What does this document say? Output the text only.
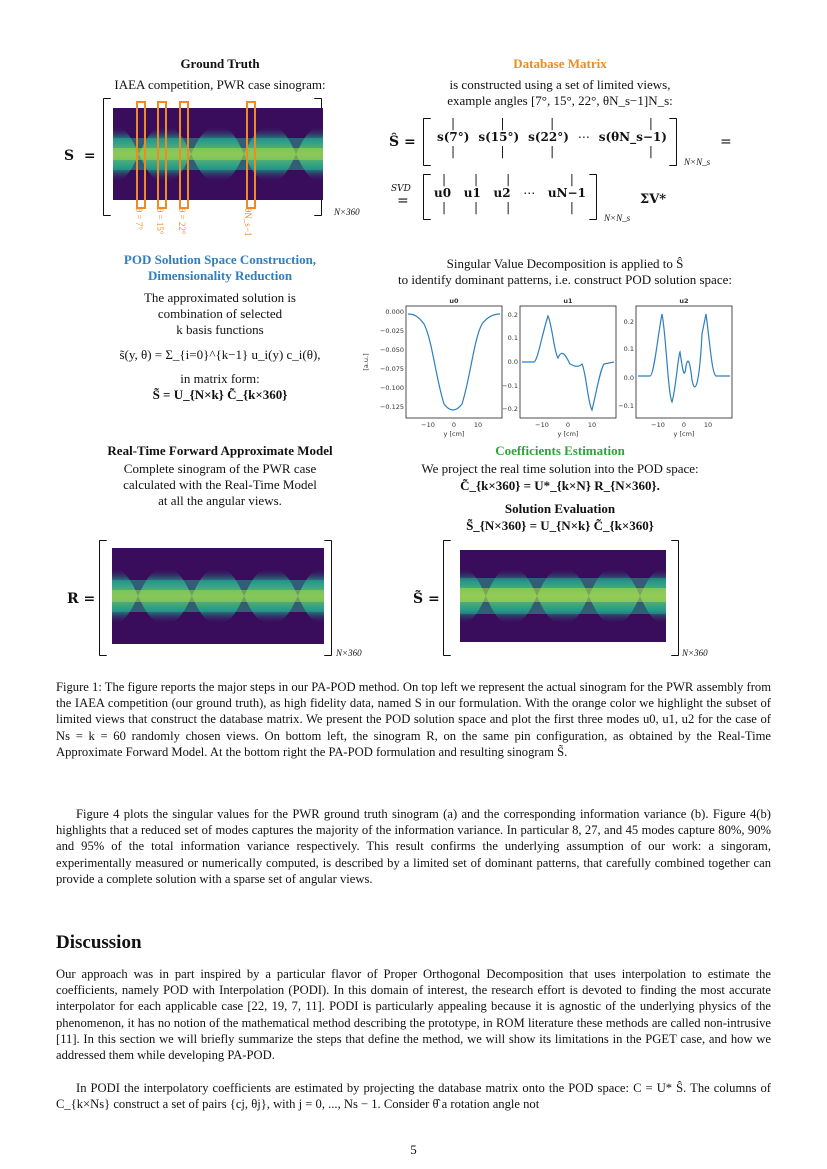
Ground Truth
IAEA competition, PWR case sinogram:
S  =
N×360
θ = 7° θ = 15° θ = 22°	θN_s−1
Database Matrix
is constructed using a set of limited views,
example angles [7°, 15°, 22°, θN_s−1]N_s:
Ŝ =
|	|	|
	|
s(7°) s(15°) s(22°) ⋯ s(θN_s−1)
|	|	|
	|
N×N_s
=
SVD
=
| | |
	|
u0 u1 u2 ⋯ uN−1
| | |
	|
N×N_s
ΣV*
POD Solution Space Construction,
Dimensionality Reduction
The approximated solution is
combination of selected
k basis functions
s̃(y, θ) = Σ_{i=0}^{k−1} u_i(y) c_i(θ),
in matrix form:
S̃ = U_{N×k} C̃_{k×360}
Singular Value Decomposition is applied to Ŝ
to identify dominant patterns, i.e. construct POD solution space:
u0
0.000
−0.025
−0.050
−0.075
−0.100
−0.125
[a.u.]
−10	0	10
y [cm]
u1
0.2
0.1
0.0
−0.1
−0.2
−10	0	10
y [cm]
u2
0.2
0.1
0.0
−0.1
−10	0	10
y [cm]
Real-Time Forward Approximate Model
Complete sinogram of the PWR case
calculated with the Real-Time Model
at all the angular views.
R =
N×360
Coefficients Estimation
We project the real time solution into the POD space:
C̃_{k×360} = U*_{k×N} R_{N×360}.
Solution Evaluation
S̃_{N×360} = U_{N×k} C̃_{k×360}
S̃ =
N×360
Figure 1: The figure reports the major steps in our PA-POD method. On top left we represent the actual sinogram for the PWR assembly from the IAEA competition (our ground truth), as high fidelity data, named S in our formulation. With the orange color we highlight the subset of limited views that construct the database matrix. We present the POD solution space and plot the first three modes u0, u1, u2 for the case of Ns = k = 60 randomly chosen views. On bottom left, the sinogram R, on the same pin configuration, as obtained by the Real-Time Approximate Forward Model. At the bottom right the PA-POD formulation and resulting sinogram S̃.

Figure 4 plots the singular values for the PWR ground truth sinogram (a) and the corresponding information variance (b). Figure 4(b) highlights that a reduced set of modes captures the majority of the information variance. In particular 8, 27, and 45 modes capture 80%, 90% and 95% of the total information variance respectively. This result confirms the underlying assumption of our work: a singoram, experimentally measured or numerically computed, is described by a limited set of dominant patterns, that carefully combined together can provide a complete solution with a sparse set of angular views.

Discussion

Our approach was in part inspired by a particular flavor of Proper Orthogonal Decomposition that uses interpolation to estimate the coefficients, namely POD with Interpolation (PODI). In this domain of interest, the research effort is devoted to finding the most accurate interpolator for each applicable case [22, 19, 7, 11]. PODI is particularly appealing because it is agnostic of the underlying physics of the phenomenon, it has no notion of the mathematical method describing the prototype, in ROM literature these methods are called non-intrusive [11]. In this section we will briefly summarize the steps that define the method, we will show its limitations in the PGET case, and how we addressed them while developing PA-POD.

In PODI the interpolatory coefficients are estimated by projecting the database matrix onto the POD space: C = U* Ŝ. The columns of C_{k×Ns} construct a set of pairs {cj, θj}, with j = 0, ..., Ns − 1. Consider θ̂ a rotation angle not

5
